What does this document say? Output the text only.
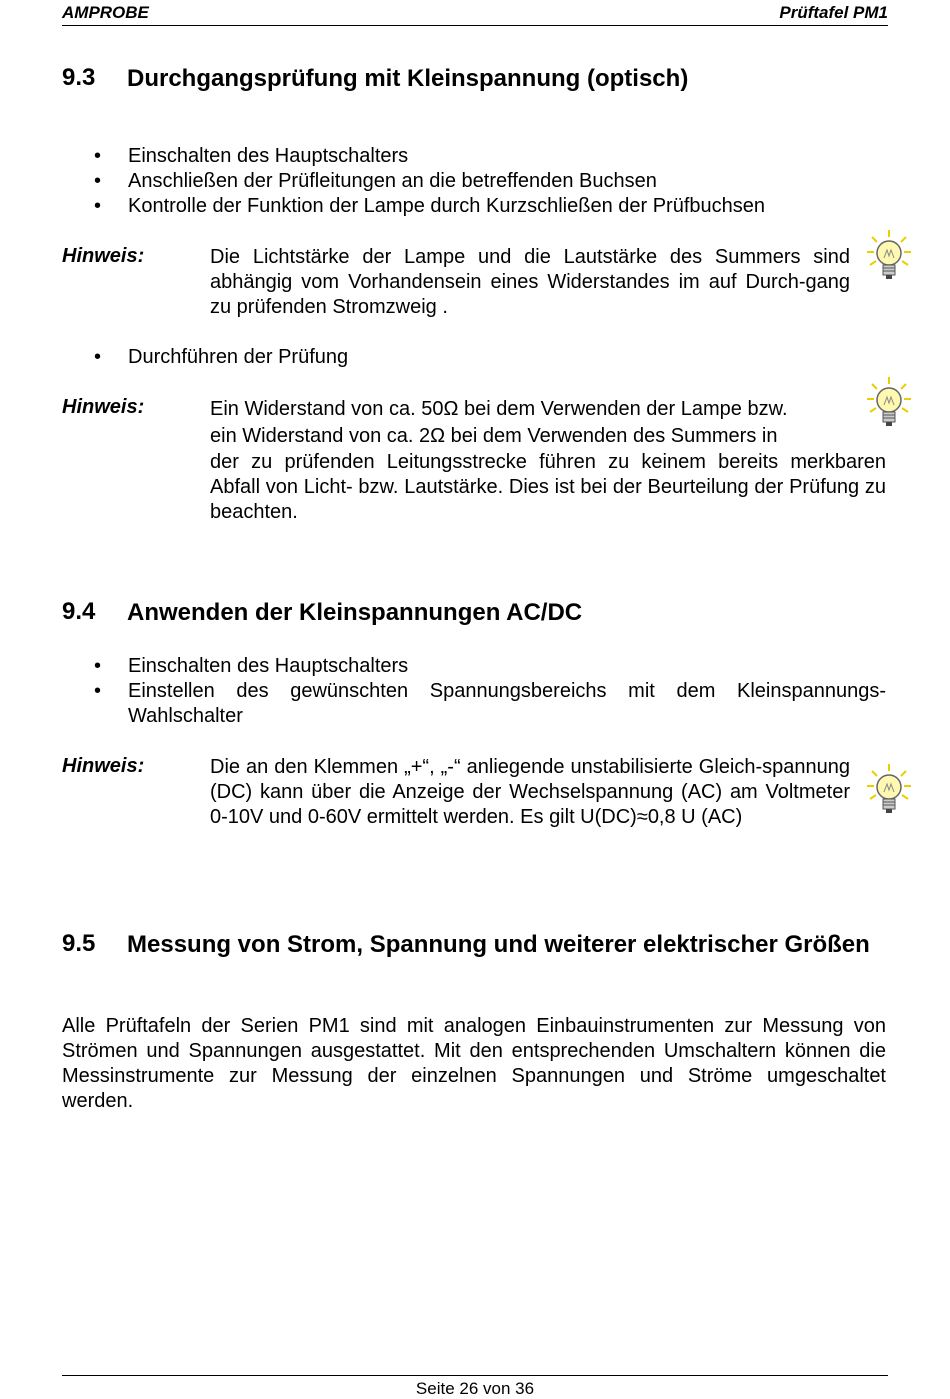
AMPROBE	Prüftafel PM1
9.3 Durchgangsprüfung mit Kleinspannung (optisch)
• Einschalten des Hauptschalters
• Anschließen der Prüfleitungen an die betreffenden Buchsen
• Kontrolle der Funktion der Lampe durch Kurzschließen der Prüfbuchsen
Hinweis:	Die Lichtstärke der Lampe und die Lautstärke des Summers sind abhängig vom Vorhandensein eines Widerstandes im auf Durch-gang zu prüfenden Stromzweig .
• Durchführen der Prüfung
Hinweis:	Ein Widerstand von ca. 50Ω bei dem Verwenden der Lampe bzw.
ein Widerstand von ca. 2Ω bei dem Verwenden des Summers in
der zu prüfenden Leitungsstrecke führen zu keinem bereits merkbaren Abfall von Licht- bzw. Lautstärke. Dies ist bei der Beurteilung der Prüfung zu beachten.
9.4 Anwenden der Kleinspannungen AC/DC
• Einschalten des Hauptschalters
• Einstellen des gewünschten Spannungsbereichs mit dem Kleinspannungs-Wahlschalter
Hinweis:	Die an den Klemmen „+“, „-“ anliegende unstabilisierte Gleich-spannung (DC) kann über die Anzeige der Wechselspannung (AC) am Voltmeter 0-10V und 0-60V ermittelt werden. Es gilt U(DC)≈0,8 U (AC)
9.5 Messung von Strom, Spannung und weiterer elektrischer Größen
Alle Prüftafeln der Serien PM1 sind mit analogen Einbauinstrumenten zur Messung von Strömen und Spannungen ausgestattet. Mit den entsprechenden Umschaltern können die Messinstrumente zur Messung der einzelnen Spannungen und Ströme umgeschaltet werden.
Seite 26 von 36
